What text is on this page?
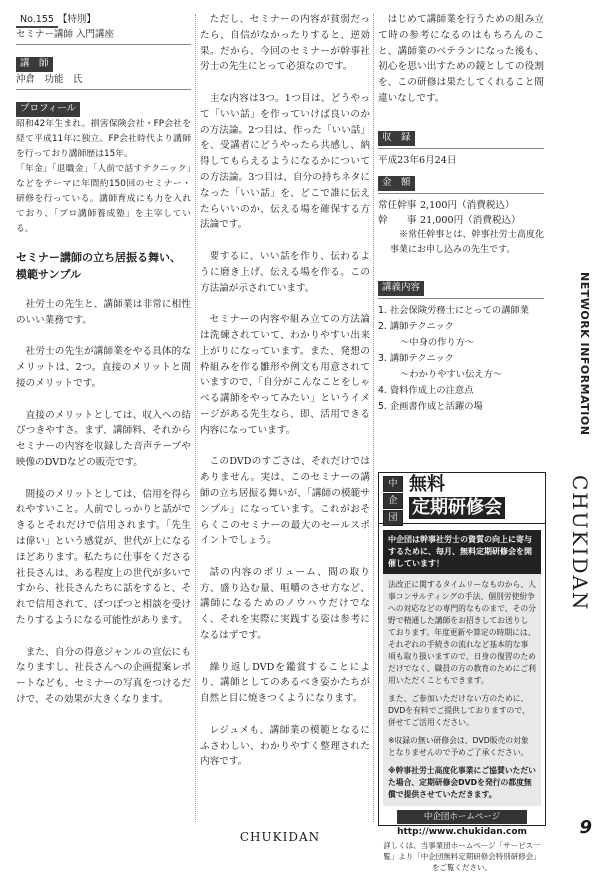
No.155 【特別】
セミナー講師 入門講座
講　師
沖倉　功能　氏
プロフィール

昭和42年生まれ。損害保険会社・FP会社を経て平成11年に独立。FP会社時代より講師を行っており講師歴は15年。

「年金」「退職金」「人前で話すテクニック」などをテーマに年間約150回のセミナー・研修を行っている。講師育成にも力を入れており、「プロ講師養成塾」を主宰している。

セミナー講師の立ち居振る舞い、模範サンプル

社労士の先生と、講師業は非常に相性のいい業務です。

社労士の先生が講師業をやる具体的なメリットは、2つ。直接のメリットと間接のメリットです。

直接のメリットとしては、収入への結びつきやすさ。まず、講師料、それからセミナーの内容を収録した音声テープや映像のDVDなどの販売です。

間接のメリットとしては、信用を得られやすいこと。人前でしっかりと話ができるとそれだけで信用されます。「先生は偉い」という感覚が、世代が上になるほどあります。私たちに仕事をくださる社長さんは、ある程度上の世代が多いですから、社長さんたちに話をすると、それで信用されて、ぽつぽつと相談を受けたりするようになる可能性があります。

また、自分の得意ジャンルの宣伝にもなりますし、社長さんへの企画提案レポートなども、セミナーの写真をつけるだけで、その効果が大きくなります。

ただし、セミナーの内容が貧弱だったら、自信がなかったりすると、逆効果。だから、今回のセミナーが幹事社労士の先生にとって必須なのです。

主な内容は3つ。1つ目は、どうやって「いい話」を作っていけば良いのかの方法論。2つ目は、作った「いい話」を、受講者にどうやったら共感し、納得してもらえるようになるかについての方法論。3つ目は、自分の持ちネタになった「いい話」を、どこで誰に伝えたらいいのか、伝える場を確保する方法論です。

要するに、いい話を作り、伝わるように磨き上げ、伝える場を作る。この方法論が示されています。

セミナーの内容や組み立ての方法論は洗練されていて、わかりやすい出来上がりになっています。また、発想の枠組みを作る雛形や例文も用意されていますので、「自分がこんなことをしゃべる講師をやってみたい」というイメージがある先生なら、即、活用できる内容になっています。

このDVDのすごさは、それだけではありません。実は、このセミナーの講師の立ち居振る舞いが、「講師の模範サンプル」になっています。これがおそらくこのセミナーの最大のセールスポイントでしょう。

話の内容のボリューム、間の取り方、盛り込む量、咀嚼のさせ方など、講師になるためのノウハウだけでなく、それを実際に実践する姿は参考になるはずです。

繰り返しDVDを鑑賞することにより、講師としてのあるべき姿かたちが自然と目に焼きつくようになります。

レジュメも、講師業の模範となるにふさわしい、わかりやすく整理された内容です。

はじめて講師業を行うための組み立て時の参考になるのはもちろんのこと、講師業のベテランになった後も、初心を思い出すための鏡としての役割を、この研修は果たしてくれること間違いなしです。

収　録
平成23年6月24日
金　額
常任幹事 2,100円（消費税込）
幹　　事 21,000円（消費税込）

※常任幹事とは、幹事社労士高度化事業にお申し込みの先生です。

講義内容
1. 社会保険労務士にとっての講師業
2. 講師テクニック
～中身の作り方～
3. 講師テクニック
～わかりやすい伝え方～
4. 資料作成上の注意点
5. 企画書作成と活躍の場
中
企
団
無料
定期研修会
中企団は幹事社労士の資質の向上に寄与するために、毎月、無料定期研修会を開催しています！

法改正に関するタイムリーなものから、人事コンサルティングの手法、個別労使紛争への対応などの専門的なものまで、その分野で精通した講師をお招きしてお送りしております。年度更新や算定の時期には、それぞれの手続きの流れなど基本的な事項も取り扱いますので、日身の復習のためだけでなく、職員の方の教育のためにご利用いただくこともできます。

また、ご参加いただけない方のために、DVDを有料でご提供しておりますので、併せてご活用ください。

※収録の無い研修会は、DVD販売の対象となりませんので予めご了承ください。

※幹事社労士高度化事業にご協賛いただいた場合、定期研修会DVDを発行の都度無償で提供させていただきます。

中企団ホームページ
http://www.chukidan.com
詳しくは、当事業団ホームページ「サービス一覧」より「中企団無料定期研修会特別研修会」をご覧ください。
NETWORK INFORMATION
CHUKIDAN
9
CHUKIDAN
